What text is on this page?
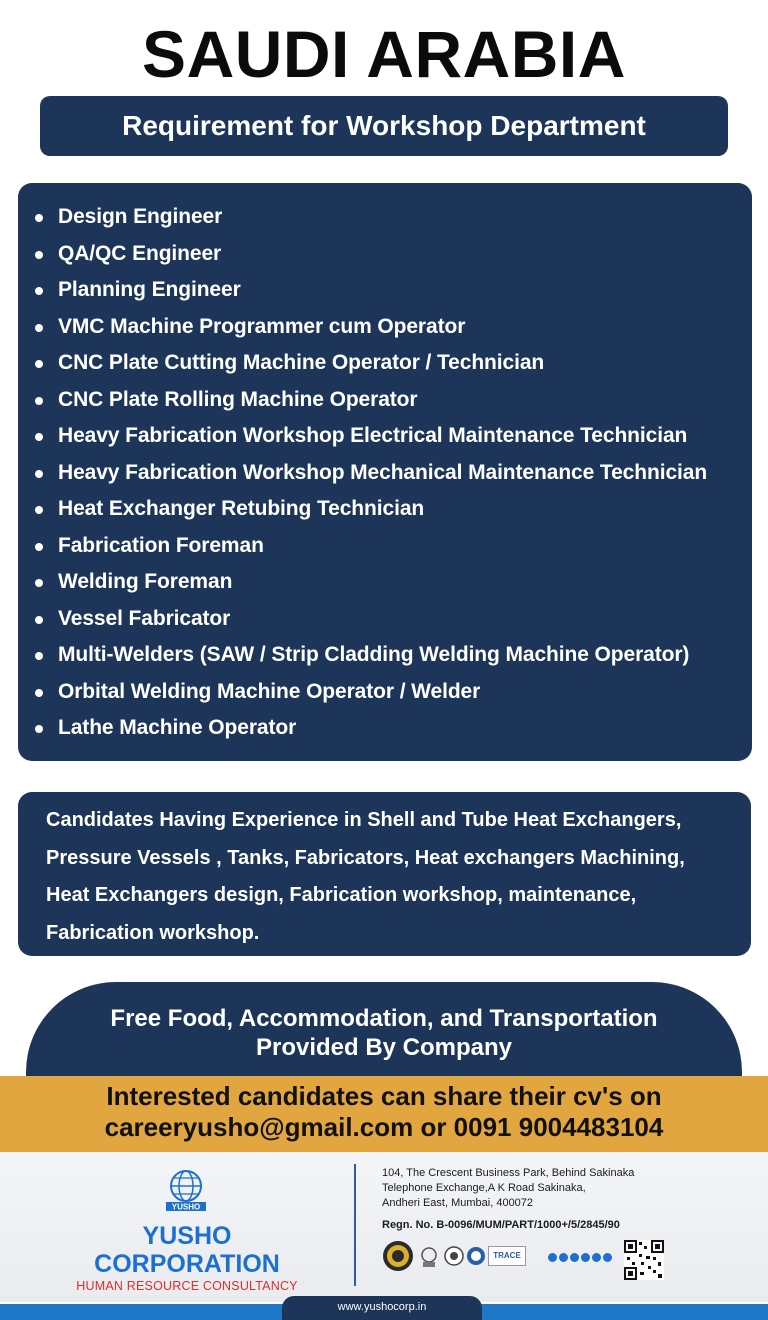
SAUDI ARABIA
Requirement for Workshop Department
Design Engineer
QA/QC Engineer
Planning Engineer
VMC Machine Programmer cum Operator
CNC Plate Cutting Machine Operator / Technician
CNC Plate Rolling Machine Operator
Heavy Fabrication Workshop Electrical Maintenance Technician
Heavy Fabrication Workshop Mechanical Maintenance Technician
Heat Exchanger Retubing Technician
Fabrication Foreman
Welding Foreman
Vessel Fabricator
Multi-Welders (SAW / Strip Cladding Welding Machine Operator)
Orbital Welding Machine Operator / Welder
Lathe Machine Operator
Candidates Having Experience in Shell and Tube Heat Exchangers,
Pressure Vessels , Tanks, Fabricators, Heat exchangers Machining,
Heat Exchangers design, Fabrication workshop, maintenance,
Fabrication workshop.
Free Food, Accommodation, and Transportation
Provided By Company
Interested candidates can share their cv's on
careeryusho@gmail.com or 0091 9004483104
YUSHO
YUSHO
CORPORATION
HUMAN RESOURCE CONSULTANCY
104, The Crescent Business Park, Behind Sakinaka
Telephone Exchange,A K Road Sakinaka,
Andheri East, Mumbai, 400072
Regn. No. B-0096/MUM/PART/1000+/5/2845/90
TRACE
www.yushocorp.in
